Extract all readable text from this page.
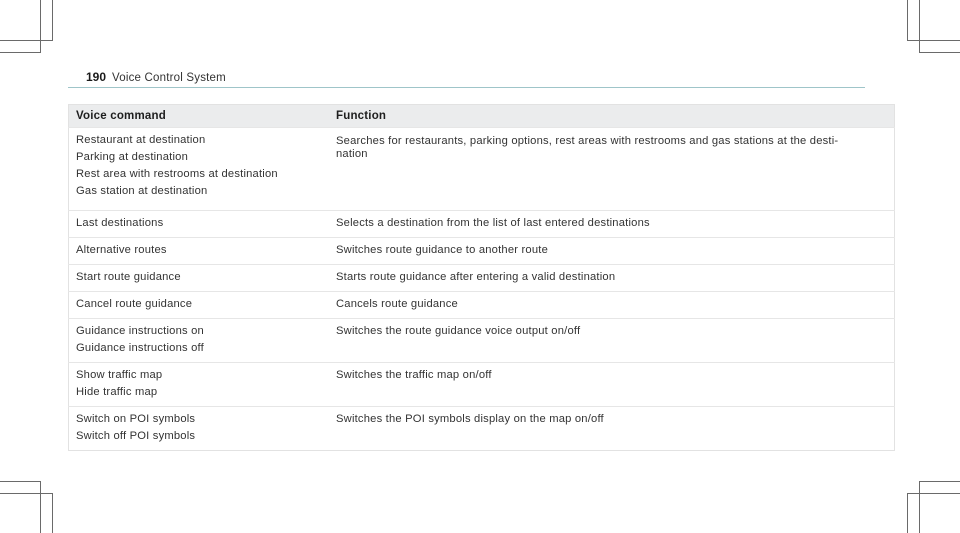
190 Voice Control System
Voice command	Function

Restaurant at destination
Parking at destination
Rest area with restrooms at destination
Gas station at destination	Searches for restaurants, parking options, rest areas with restrooms and gas stations at the desti-
nation

Last destinations	Selects a destination from the list of last entered destinations

Alternative routes	Switches route guidance to another route

Start route guidance	Starts route guidance after entering a valid destination

Cancel route guidance	Cancels route guidance

Guidance instructions on
Guidance instructions off	Switches the route guidance voice output on/off

Show traffic map
Hide traffic map	Switches the traffic map on/off

Switch on POI symbols
Switch off POI symbols	Switches the POI symbols display on the map on/off
